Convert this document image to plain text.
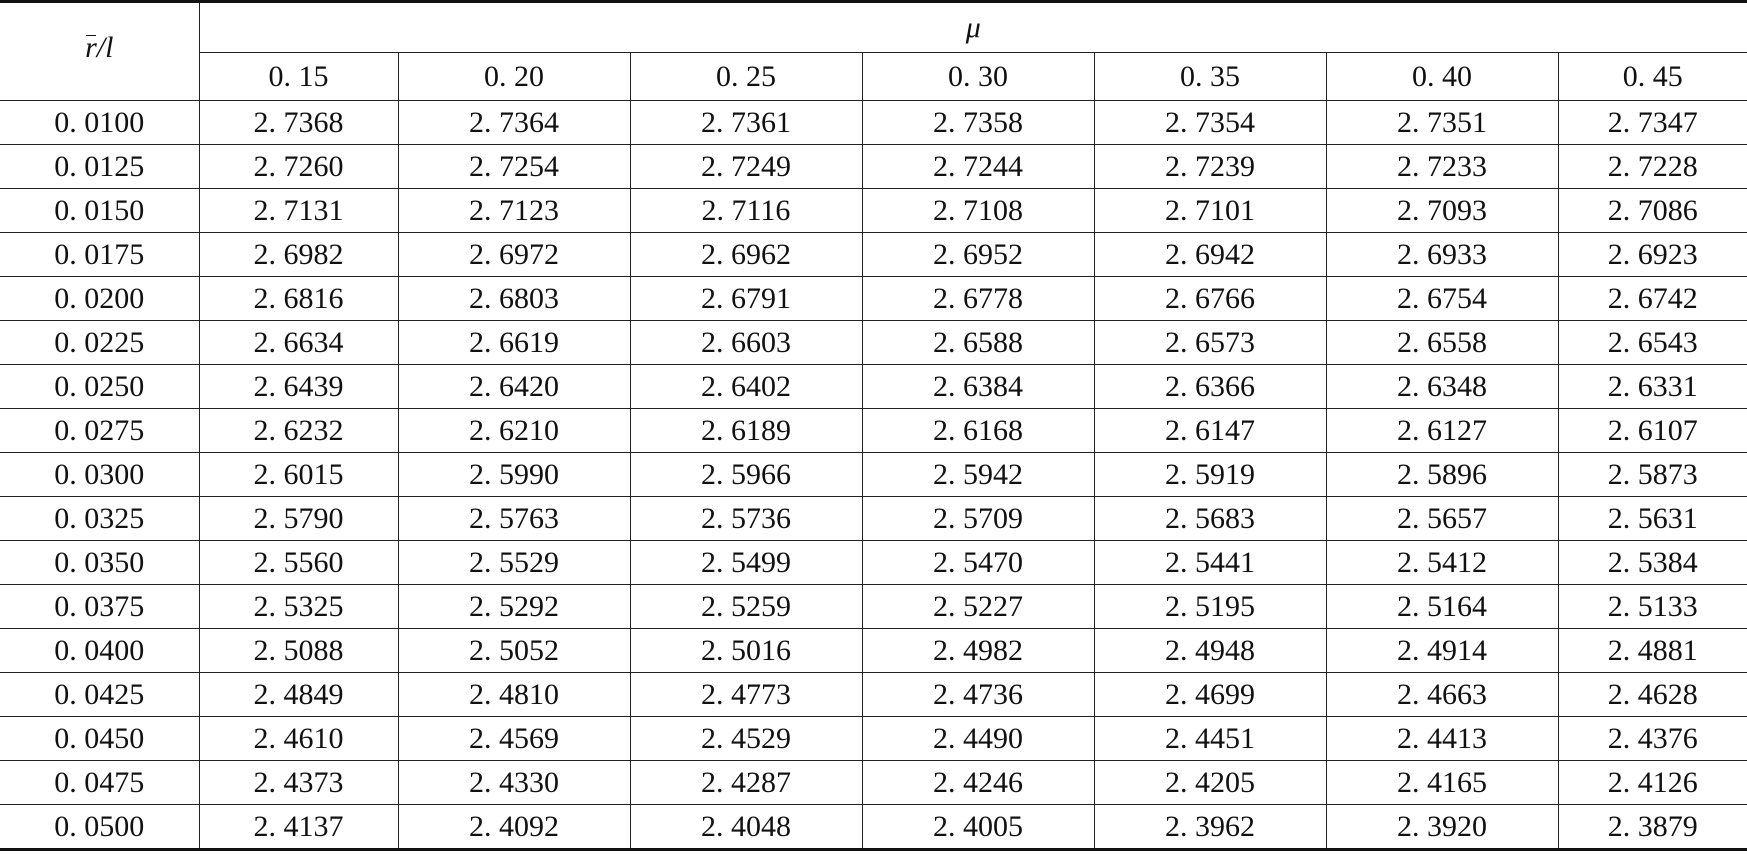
r/l	μ						
	0. 15	0. 20	0. 25	0. 30	0. 35	0. 40	0. 45
0. 0100	2. 7368	2. 7364	2. 7361	2. 7358	2. 7354	2. 7351	2. 7347
0. 0125	2. 7260	2. 7254	2. 7249	2. 7244	2. 7239	2. 7233	2. 7228
0. 0150	2. 7131	2. 7123	2. 7116	2. 7108	2. 7101	2. 7093	2. 7086
0. 0175	2. 6982	2. 6972	2. 6962	2. 6952	2. 6942	2. 6933	2. 6923
0. 0200	2. 6816	2. 6803	2. 6791	2. 6778	2. 6766	2. 6754	2. 6742
0. 0225	2. 6634	2. 6619	2. 6603	2. 6588	2. 6573	2. 6558	2. 6543
0. 0250	2. 6439	2. 6420	2. 6402	2. 6384	2. 6366	2. 6348	2. 6331
0. 0275	2. 6232	2. 6210	2. 6189	2. 6168	2. 6147	2. 6127	2. 6107
0. 0300	2. 6015	2. 5990	2. 5966	2. 5942	2. 5919	2. 5896	2. 5873
0. 0325	2. 5790	2. 5763	2. 5736	2. 5709	2. 5683	2. 5657	2. 5631
0. 0350	2. 5560	2. 5529	2. 5499	2. 5470	2. 5441	2. 5412	2. 5384
0. 0375	2. 5325	2. 5292	2. 5259	2. 5227	2. 5195	2. 5164	2. 5133
0. 0400	2. 5088	2. 5052	2. 5016	2. 4982	2. 4948	2. 4914	2. 4881
0. 0425	2. 4849	2. 4810	2. 4773	2. 4736	2. 4699	2. 4663	2. 4628
0. 0450	2. 4610	2. 4569	2. 4529	2. 4490	2. 4451	2. 4413	2. 4376
0. 0475	2. 4373	2. 4330	2. 4287	2. 4246	2. 4205	2. 4165	2. 4126
0. 0500	2. 4137	2. 4092	2. 4048	2. 4005	2. 3962	2. 3920	2. 3879
